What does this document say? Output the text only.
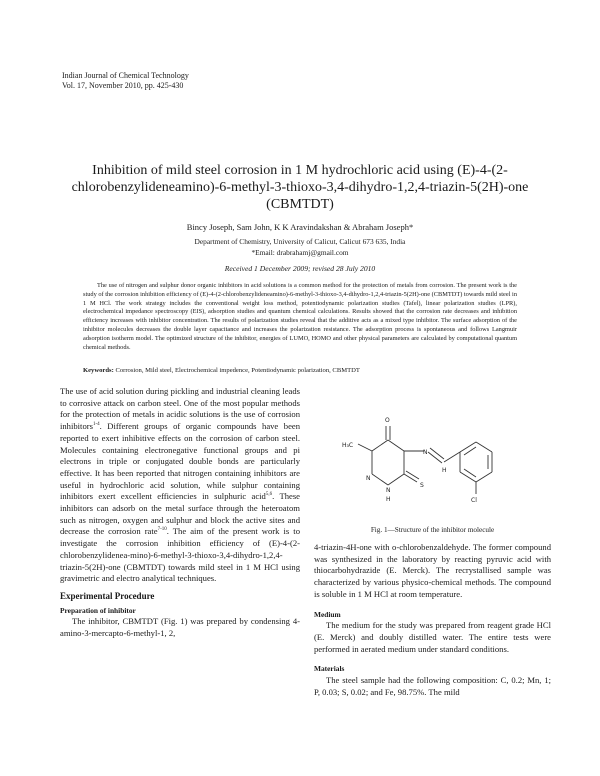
Indian Journal of Chemical Technology
Vol. 17, November 2010, pp. 425-430
Inhibition of mild steel corrosion in 1 M hydrochloric acid using (E)-4-(2-chlorobenzylideneamino)-6-methyl-3-thioxo-3,4-dihydro-1,2,4-triazin-5(2H)-one (CBMTDT)
Bincy Joseph, Sam John, K K Aravindakshan & Abraham Joseph*
Department of Chemistry, University of Calicut, Calicut 673 635, India
*Email: drabrahamj@gmail.com
Received 1 December 2009; revised 28 July 2010
The use of nitrogen and sulphur donor organic inhibitors in acid solutions is a common method for the protection of metals from corrosion. The present work is the study of the corrosion inhibition efficiency of (E)-4-(2-chlorobenzylideneamino)-6-methyl-3-thioxo-3,4-dihydro-1,2,4-triazin-5(2H)-one (CBMTDT) towards mild steel in 1 M HCl. The work strategy includes the conventional weight loss method, potentiodynamic polarization studies (Tafel), linear polarization studies (LPR), electrochemical impedance spectroscopy (EIS), adsorption studies and quantum chemical calculations. Results showed that the corrosion rate decreases and inhibition efficiency increases with inhibitor concentration. The results of polarization studies reveal that the additive acts as a mixed type inhibitor. The surface adsorption of the inhibitor molecules decreases the double layer capacitance and increases the polarization resistance. The adsorption process is spontaneous and follows Langmuir adsorption isotherm model. The optimized structure of the inhibitor, energies of LUMO, HOMO and other physical parameters are calculated by computational quantum chemical methods.
Keywords: Corrosion, Mild steel, Electrochemical impedence, Potentiodynamic polarization, CBMTDT

The use of acid solution during pickling and industrial cleaning leads to corrosive attack on carbon steel. One of the most popular methods for the protection of metals in acidic solutions is the use of corrosion inhibitors$^{1-4}$. Different groups of organic compounds have been reported to exert inhibitive effects on the corrosion of carbon steel. Molecules containing electronegative functional groups and pi electrons in triple or conjugated double bonds are particularly effective. It has been reported that nitrogen containing inhibitors are useful in hydrochloric acid solution, while sulphur containing inhibitors exert excellent efficiencies in sulphuric acid$^{5,6}$. These inhibitors can adsorb on the metal surface through the heteroatom such as nitrogen, oxygen and sulphur and block the active sites and decrease the corrosion rate$^{7-10}$. The aim of the present work is to investigate the corrosion inhibition efficiency of (E)-4-(2-chlorobenzylidenea-mino)-6-methyl-3-thioxo-3,4-dihydro-1,2,4-triazin-5(2H)-one (CBMTDT) towards mild steel in 1 M HCl using gravimetric and electro analytical techniques.

Experimental Procedure

Preparation of inhibitor

The inhibitor, CBMTDT (Fig. 1) was prepared by condensing 4-amino-3-mercapto-6-methyl-1, 2,

O
H₃C
N
N
N
H
S
H
Cl
Fig. 1—Structure of the inhibitor molecule

4-triazin-4H-one with o-chlorobenzaldehyde. The former compound was synthesized in the laboratory by reacting pyruvic acid with thiocarbohydrazide (E. Merck). The recrystallised sample was characterized by various physico-chemical methods. The compound is soluble in 1 M HCl at room temperature.

Medium

The medium for the study was prepared from reagent grade HCl (E. Merck) and doubly distilled water. The entire tests were performed in aerated medium under standard conditions.

Materials

The steel sample had the following composition: C, 0.2; Mn, 1; P, 0.03; S, 0.02; and Fe, 98.75%. The mild
